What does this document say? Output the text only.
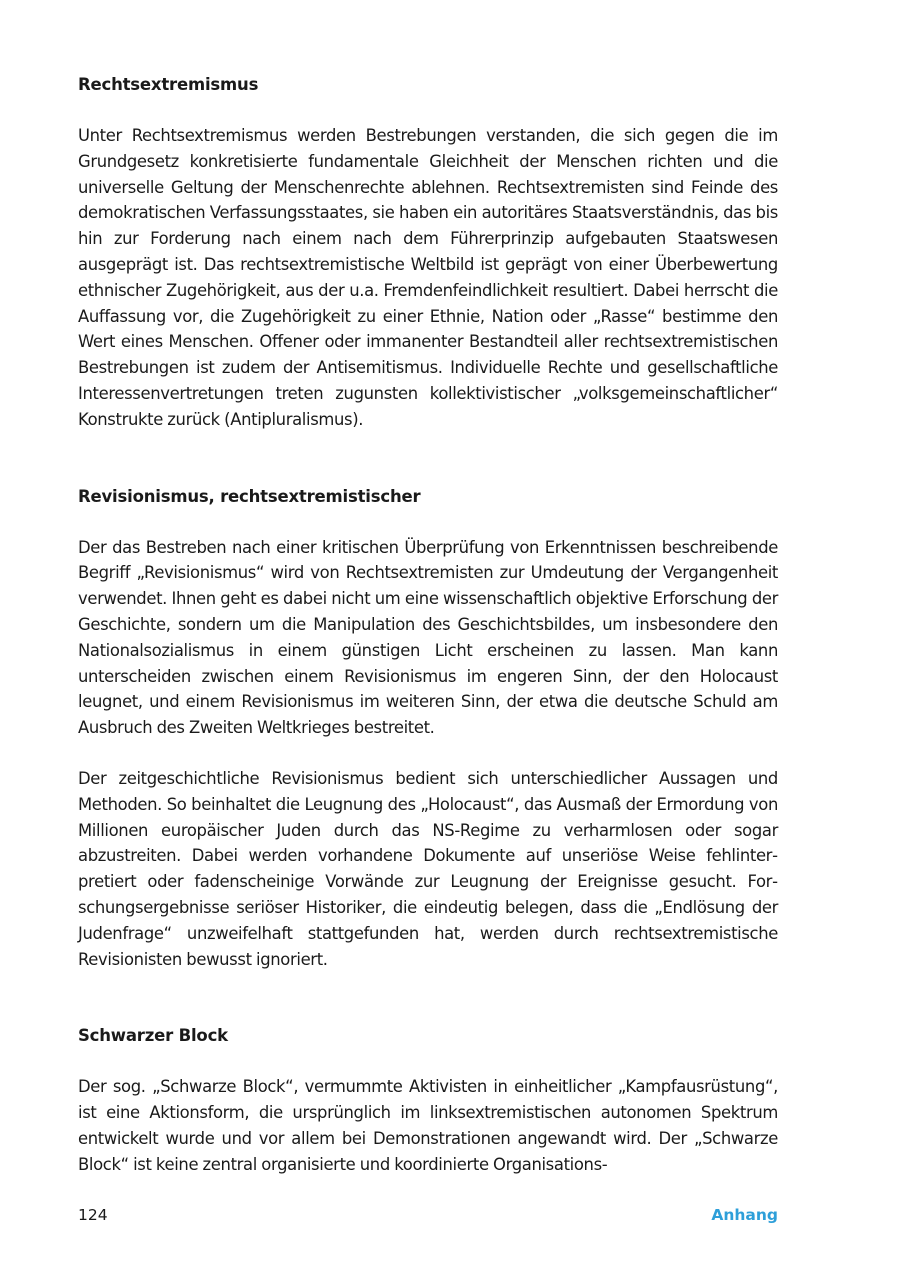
Rechtsextremismus

Unter Rechtsextremismus werden Bestrebungen verstanden, die sich gegen die im Grundgesetz konkretisierte fundamentale Gleichheit der Menschen richten und die universelle Geltung der Menschenrechte ablehnen. Rechtsextremisten sind Feinde des demokratischen Verfassungsstaates, sie haben ein autoritäres Staatsverständnis, das bis hin zur Forderung nach einem nach dem Führerprinzip aufgebauten Staatswesen ausgeprägt ist. Das rechtsextremistische Weltbild ist geprägt von einer Überbewertung ethnischer Zugehörigkeit, aus der u.a. Fremdenfeindlichkeit resultiert. Dabei herrscht die Auffassung vor, die Zugehörigkeit zu einer Ethnie, Nation oder „Rasse“ bestimme den Wert eines Menschen. Offener oder immanenter Bestandteil aller rechtsextremistischen Bestrebungen ist zudem der Antisemitismus. Individuelle Rechte und gesellschaftliche Interessenvertretungen treten zugunsten kollektivistischer „volksgemeinschaftlicher“ Konstrukte zurück (Antipluralismus).

Revisionismus, rechtsextremistischer

Der das Bestreben nach einer kritischen Überprüfung von Erkenntnissen beschreibende Begriff „Revisionismus“ wird von Rechtsextremisten zur Umdeutung der Vergangenheit verwendet. Ihnen geht es dabei nicht um eine wissenschaftlich objektive Erforschung der Geschichte, sondern um die Manipulation des Geschichtsbildes, um insbesondere den Nationalsozialismus in einem günstigen Licht erscheinen zu lassen. Man kann unterscheiden zwischen einem Revisionismus im engeren Sinn, der den Holocaust leugnet, und einem Revisionismus im weiteren Sinn, der etwa die deutsche Schuld am Ausbruch des Zweiten Weltkrieges bestreitet.

Der zeitgeschichtliche Revisionismus bedient sich unterschiedlicher Aussagen und Methoden. So beinhaltet die Leugnung des „Holocaust“, das Ausmaß der Ermordung von Millionen europäischer Juden durch das NS-Regime zu verharmlosen oder sogar abzustreiten. Dabei werden vorhandene Dokumente auf unseriöse Weise fehlinterpretiert oder fadenscheinige Vorwände zur Leugnung der Ereignisse gesucht. Forschungsergebnisse seriöser Historiker, die eindeutig belegen, dass die „Endlösung der Judenfrage“ unzweifelhaft stattgefunden hat, werden durch rechtsextremistische Revisionisten bewusst ignoriert.

Schwarzer Block

Der sog. „Schwarze Block“, vermummte Aktivisten in einheitlicher „Kampfausrüstung“, ist eine Aktionsform, die ursprünglich im linksextremistischen autonomen Spektrum entwickelt wurde und vor allem bei Demonstrationen angewandt wird. Der „Schwarze Block“ ist keine zentral organisierte und koordinierte Organisations-

124	Anhang
